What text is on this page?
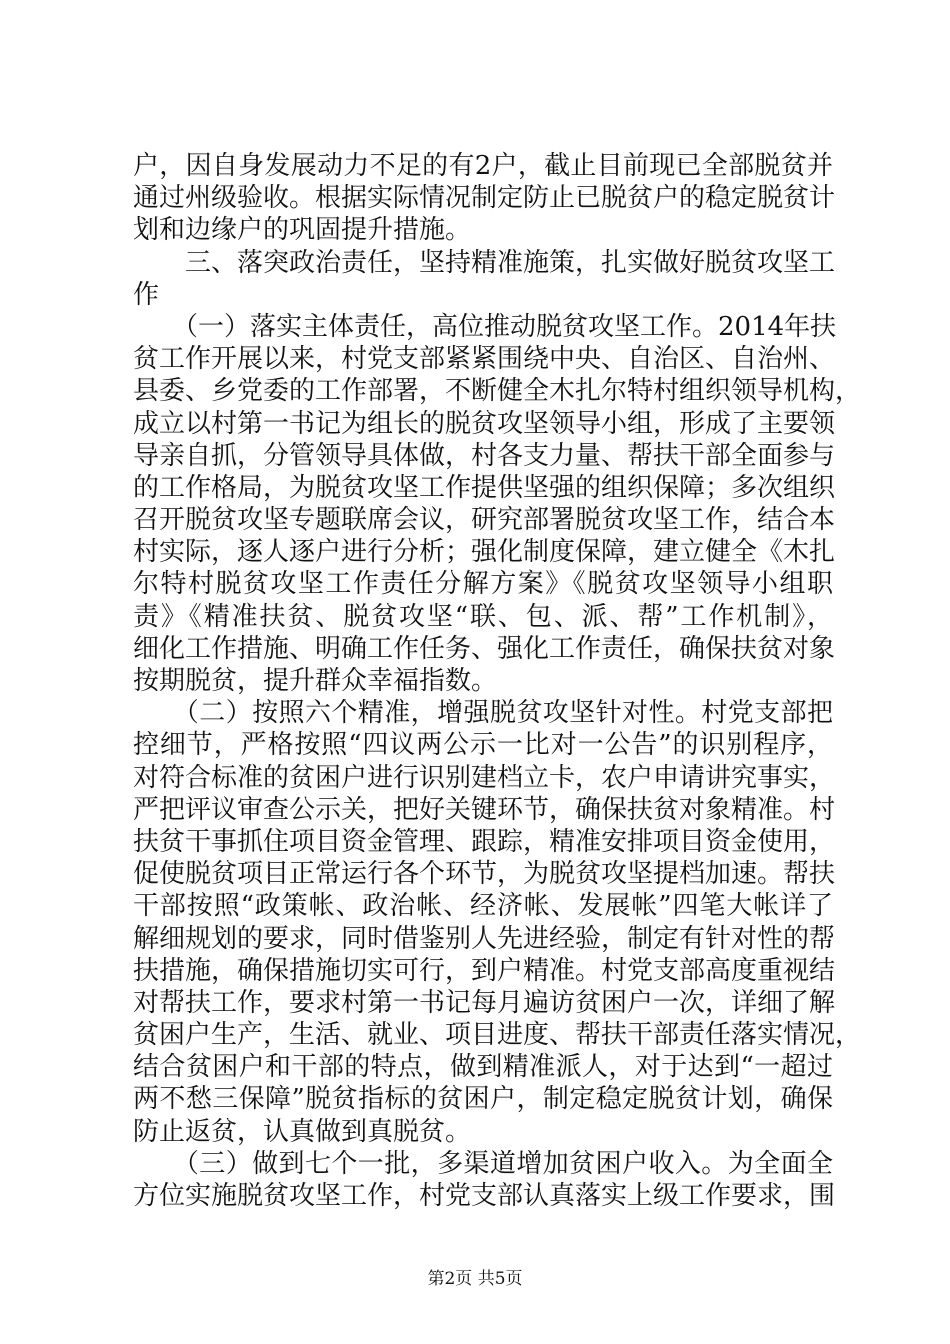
户，因自身发展动力不足的有2户，截止目前现已全部脱贫并
通过州级验收。根据实际情况制定防止已脱贫户的稳定脱贫计
划和边缘户的巩固提升措施。
　　三、落突政治责任，坚持精准施策，扎实做好脱贫攻坚工
作
　　（一）落实主体责任，高位推动脱贫攻坚工作。2014年扶
贫工作开展以来，村党支部紧紧围绕中央、自治区、自治州、
县委、乡党委的工作部署，不断健全木扎尔特村组织领导机构，
成立以村第一书记为组长的脱贫攻坚领导小组，形成了主要领
导亲自抓，分管领导具体做，村各支力量、帮扶干部全面参与
的工作格局，为脱贫攻坚工作提供坚强的组织保障；多次组织
召开脱贫攻坚专题联席会议，研究部署脱贫攻坚工作，结合本
村实际，逐人逐户进行分析；强化制度保障，建立健全《木扎
尔特村脱贫攻坚工作责任分解方案》《脱贫攻坚领导小组职
责》《精准扶贫、脱贫攻坚“联、包、派、帮”工作机制》，
细化工作措施、明确工作任务、强化工作责任，确保扶贫对象
按期脱贫，提升群众幸福指数。
　　（二）按照六个精准，增强脱贫攻坚针对性。村党支部把
控细节，严格按照“四议两公示一比对一公告”的识别程序，
对符合标准的贫困户进行识别建档立卡，农户申请讲究事实，
严把评议审查公示关，把好关键环节，确保扶贫对象精准。村
扶贫干事抓住项目资金管理、跟踪，精准安排项目资金使用，
促使脱贫项目正常运行各个环节，为脱贫攻坚提档加速。帮扶
干部按照“政策帐、政治帐、经济帐、发展帐”四笔大帐详了
解细规划的要求，同时借鉴别人先进经验，制定有针对性的帮
扶措施，确保措施切实可行，到户精准。村党支部高度重视结
对帮扶工作，要求村第一书记每月遍访贫困户一次，详细了解
贫困户生产，生活、就业、项目进度、帮扶干部责任落实情况，
结合贫困户和干部的特点，做到精准派人，对于达到“一超过
两不愁三保障”脱贫指标的贫困户，制定稳定脱贫计划，确保
防止返贫，认真做到真脱贫。
　　（三）做到七个一批，多渠道增加贫困户收入。为全面全
方位实施脱贫攻坚工作，村党支部认真落实上级工作要求，围
第2页 共5页
